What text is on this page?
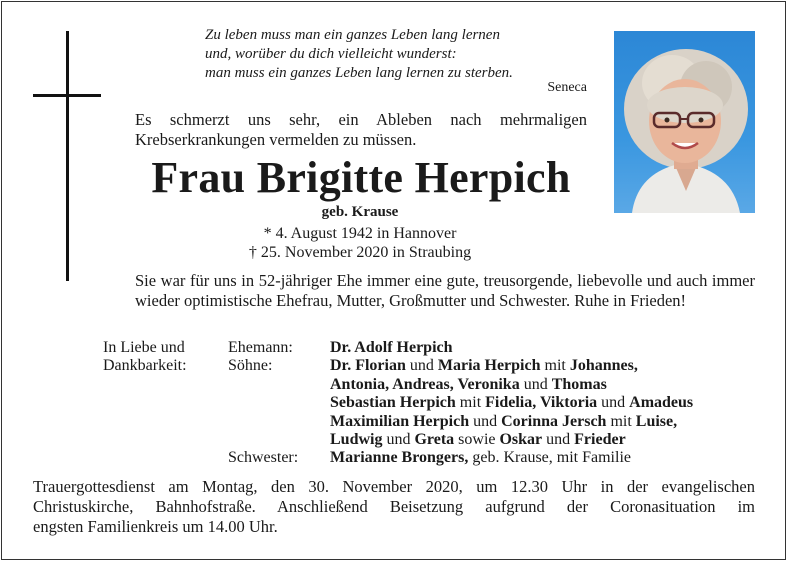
Zu leben muss man ein ganzes Leben lang lernen
und, worüber du dich vielleicht wunderst:
man muss ein ganzes Leben lang lernen zu sterben.
Seneca
Es schmerzt uns sehr, ein Ableben nach mehrmaligen
Krebserkrankungen vermelden zu müssen.
Frau Brigitte Herpich
geb. Krause
* 4. August 1942 in Hannover
† 25. November 2020 in Straubing
Sie war für uns in 52-jähriger Ehe immer eine gute, treusorgende, liebevolle und auch immer wieder optimistische Ehefrau, Mutter, Großmutter und Schwester. Ruhe in Frieden!
In Liebe und
Dankbarkeit:
Ehemann:	Dr. Adolf Herpich
Söhne:	Dr. Florian und Maria Herpich mit Johannes,
Antonia, Andreas, Veronika und Thomas
Sebastian Herpich mit Fidelia, Viktoria und Amadeus
Maximilian Herpich und Corinna Jersch mit Luise,
Ludwig und Greta sowie Oskar und Frieder
Schwester:	Marianne Brongers, geb. Krause, mit Familie
Trauergottesdienst am Montag, den 30. November 2020, um 12.30 Uhr in der evangelischen
Christuskirche, Bahnhofstraße. Anschließend Beisetzung aufgrund der Coronasituation im
engsten Familienkreis um 14.00 Uhr.
